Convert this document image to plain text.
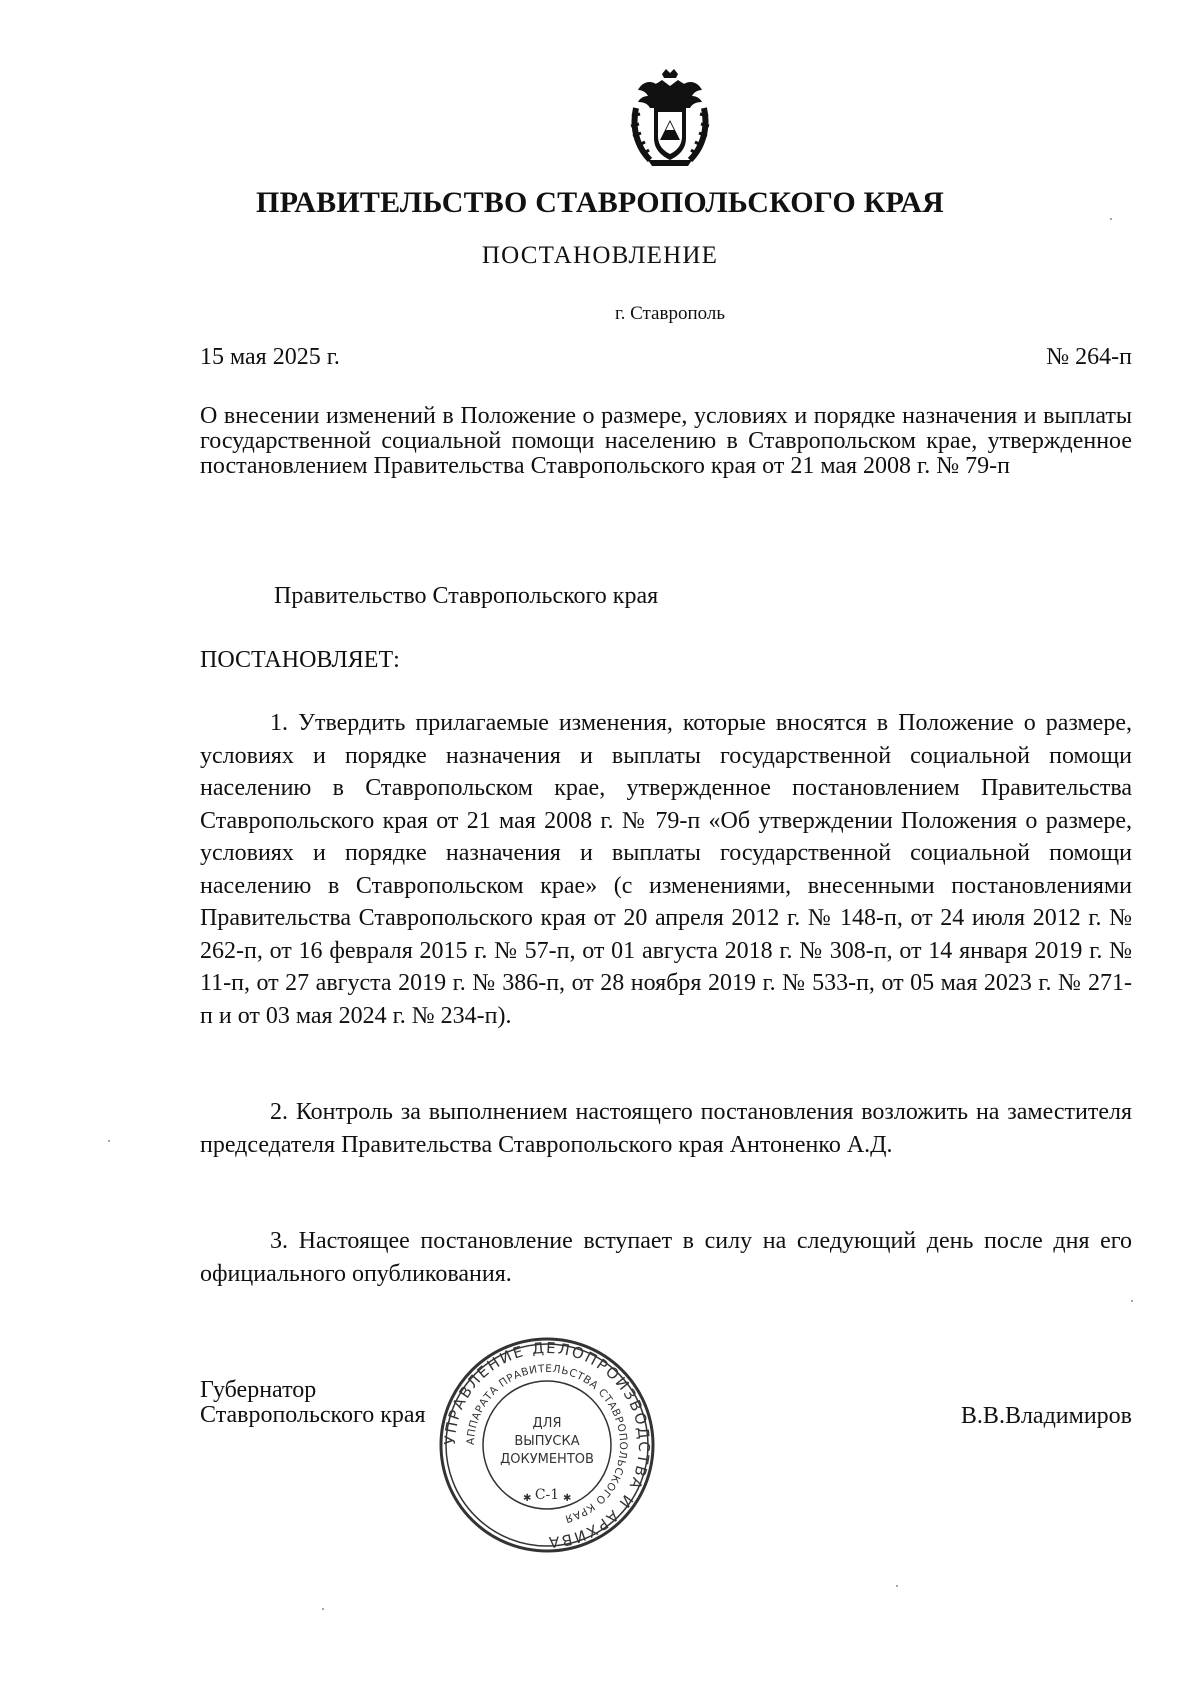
ПРАВИТЕЛЬСТВО СТАВРОПОЛЬСКОГО КРАЯ
ПОСТАНОВЛЕНИЕ
г. Ставрополь
15 мая 2025 г.	№ 264-п
О внесении изменений в Положение о размере, условиях и порядке назначения и выплаты государственной социальной помощи населению в Ставропольском крае, утвержденное постановлением Правительства Ставропольского края от 21 мая 2008 г. № 79-п
Правительство Ставропольского края
ПОСТАНОВЛЯЕТ:
1. Утвердить прилагаемые изменения, которые вносятся в Положение о размере, условиях и порядке назначения и выплаты государственной социальной помощи населению в Ставропольском крае, утвержденное постановлением Правительства Ставропольского края от 21 мая 2008 г. № 79-п «Об утверждении Положения о размере, условиях и порядке назначения и выплаты государственной социальной помощи населению в Ставропольском крае» (с изменениями, внесенными постановлениями Правительства Ставропольского края от 20 апреля 2012 г. № 148-п, от 24 июля 2012 г. № 262-п, от 16 февраля 2015 г. № 57-п, от 01 августа 2018 г. № 308-п, от 14 января 2019 г. № 11-п, от 27 августа 2019 г. № 386-п, от 28 ноября 2019 г. № 533-п, от 05 мая 2023 г. № 271-п и от 03 мая 2024 г. № 234-п).
2. Контроль за выполнением настоящего постановления возложить на заместителя председателя Правительства Ставропольского края Антоненко А.Д.
3. Настоящее постановление вступает в силу на следующий день после дня его официального опубликования.
Губернатор
Ставропольского края	В.В.Владимиров
УПРАВЛЕНИЕ ДЕЛОПРОИЗВОДСТВА И АРХИВА
АППАРАТА ПРАВИТЕЛЬСТВА СТАВРОПОЛЬСКОГО КРАЯ
ДЛЯ
ВЫПУСКА
ДОКУМЕНТОВ
С-1
✱	✱
